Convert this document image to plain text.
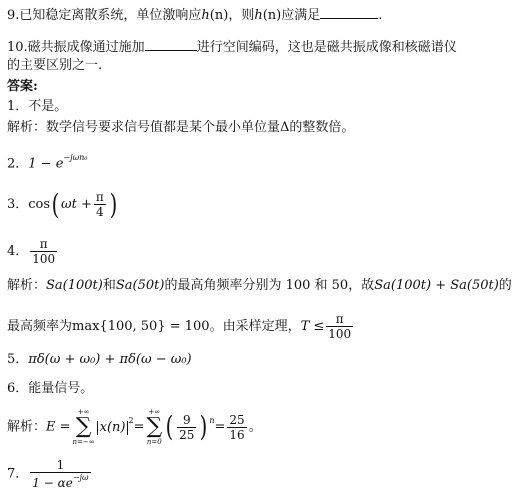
9.已知稳定离散系统，单位激响应h(n)，则h(n)应满足	.
10.磁共振成像通过施加	进行空间编码，这也是磁共振成像和核磁谱仪
的主要区别之一.
答案:
1．不是。
解析：数学信号要求信号值都是某个最小单位量Δ的整数倍。
2．$1 - e^{-j\omega n_0}$
3．cos( $\omega t + \frac{\pi}{4}$ )
4． $\frac{\pi}{100}$
解析：Sa(100t)和Sa(50t)的最高角频率分别为 100 和 50，故Sa(100t) + Sa(50t)的
最高频率为max{100, 50} = 100。由采样定理，$T \le \frac{\pi}{100}$
5．πδ(ω + ω₀) + πδ(ω − ω₀)
6．能量信号。
解析：E =
+∞
∑
n=−∞
x(n) $^2$=
+∞
∑
n=0 ( $\frac{9}{25}$ ) $^n= \frac{25}{16}$ 。
7． $\frac{1}{1 - \alpha e^{-j\omega}}$
